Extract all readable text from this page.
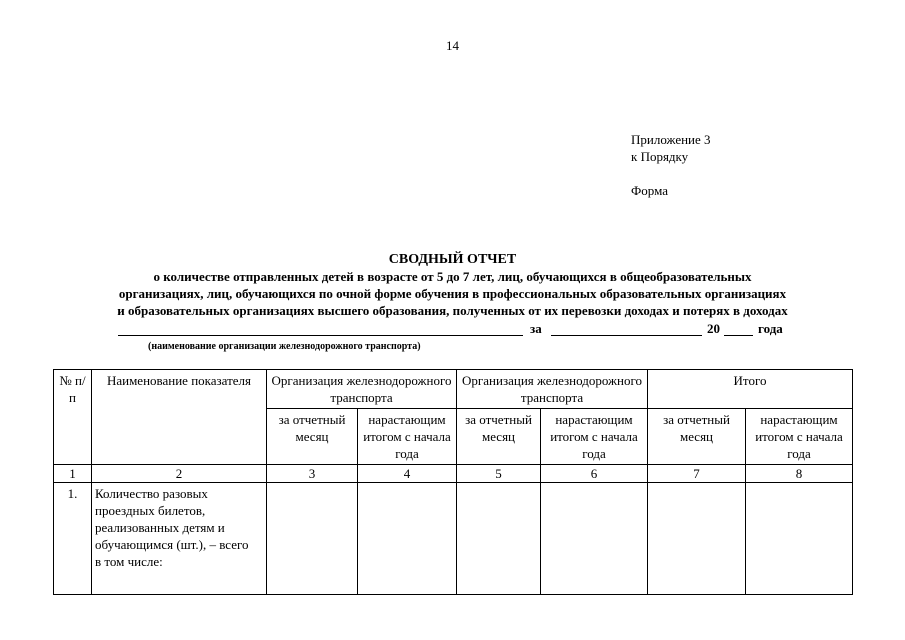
14
Приложение 3
к Порядку
Форма
СВОДНЫЙ ОТЧЕТ
о количестве отправленных детей в возрасте от 5 до 7 лет, лиц, обучающихся в общеобразовательных
организациях, лиц, обучающихся по очной форме обучения в профессиональных образовательных организациях
и образовательных организациях высшего образования, полученных от их перевозки доходах и потерях в доходах
за	20	года
(наименование организации железнодорожного транспорта)
№ п/п	Наименование показателя	Организация железнодорожного транспорта		Организация железнодорожного транспорта		Итого	
		за отчетный месяц	нарастающим итогом с начала года	за отчетный месяц	нарастающим итогом с начала года	за отчетный месяц	нарастающим итогом с начала года
1	2	3	4	5	6	7	8
1.	Количество разовых проездных билетов, реализованных детям и обучающимся (шт.), – всего
в том числе:						
